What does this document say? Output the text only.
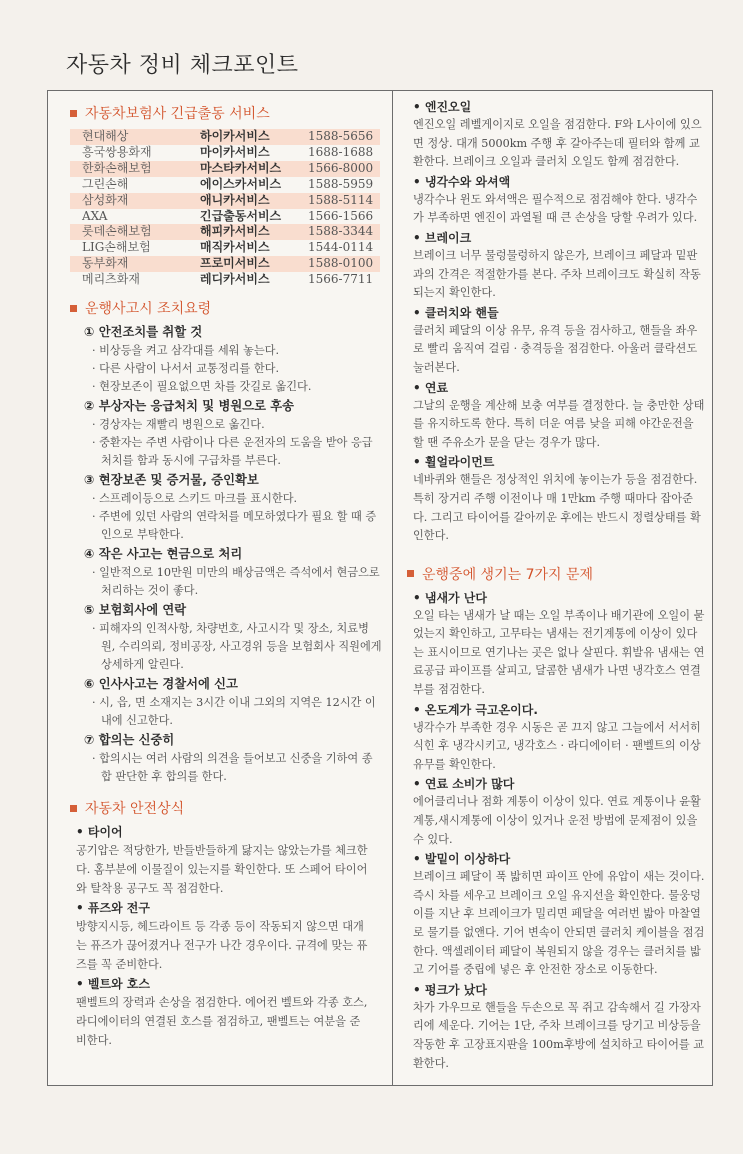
자동차 정비 체크포인트
자동차보험사 긴급출동 서비스
현대해상	하이카서비스	1588-5656
흥국쌍용화재	마이카서비스	1688-1688
한화손해보험	마스타카서비스	1566-8000
그린손해	에이스카서비스	1588-5959
삼성화재	애니카서비스	1588-5114
AXA	긴급출동서비스	1566-1566
롯데손해보험	해피카서비스	1588-3344
LIG손해보험	매직카서비스	1544-0114
동부화재	프로미서비스	1588-0100
메리츠화재	레디카서비스	1566-7711
운행사고시 조치요령
① 안전조치를 취할 것
· 비상등을 켜고 삼각대를 세워 놓는다.
· 다른 사람이 나서서 교통정리를 한다.
· 현장보존이 필요없으면 차를 갓길로 옮긴다.
② 부상자는 응급처치 및 병원으로 후송
· 경상자는 재빨리 병원으로 옮긴다.
· 중환자는 주변 사람이나 다른 운전자의 도움을 받아 응급
처치를 함과 동시에 구급차를 부른다.
③ 현장보존 및 증거물, 증인확보
· 스프레이등으로 스키드 마크를 표시한다.
· 주변에 있던 사람의 연락처를 메모하였다가 필요 할 때 증
인으로 부탁한다.
④ 작은 사고는 현금으로 처리
· 일반적으로 10만원 미만의 배상금액은 즉석에서 현금으로
처리하는 것이 좋다.
⑤ 보험회사에 연락
· 피해자의 인적사항, 차량번호, 사고시각 및 장소, 치료병
원, 수리의뢰, 정비공장, 사고경위 등을 보험회사 직원에게
상세하게 알린다.
⑥ 인사사고는 경찰서에 신고
· 시, 읍, 면 소재지는 3시간 이내 그외의 지역은 12시간 이
내에 신고한다.
⑦ 합의는 신중히
· 합의시는 여러 사람의 의견을 들어보고 신중을 기하여 종
합 판단한 후 합의를 한다.
자동차 안전상식
• 타이어
공기압은 적당한가, 반들반들하게 닳지는 않았는가를 체크한
다. 홈부분에 이물질이 있는지를 확인한다. 또 스페어 타이어
와 탈착용 공구도 꼭 점검한다.
• 퓨즈와 전구
방향지시등, 헤드라이트 등 각종 등이 작동되지 않으면 대개
는 퓨즈가 끊어졌거나 전구가 나간 경우이다. 규격에 맞는 퓨
즈를 꼭 준비한다.
• 벨트와 호스
팬벨트의 장력과 손상을 점검한다. 에어컨 벨트와 각종 호스,
라디에이터의 연결된 호스를 점검하고, 팬벨트는 여분을 준
비한다.
• 엔진오일
엔진오일 레벨게이지로 오일을 점검한다. F와 L사이에 있으
면 정상. 대개 5000km 주행 후 갈아주는데 필터와 함께 교
환한다. 브레이크 오일과 클러치 오일도 함께 점검한다.
• 냉각수와 와셔액
냉각수나 윈도 와셔액은 필수적으로 점검해야 한다. 냉각수
가 부족하면 엔진이 과열될 때 큰 손상을 당할 우려가 있다.
• 브레이크
브레이크 너무 물렁물렁하지 않은가, 브레이크 페달과 밑판
과의 간격은 적절한가를 본다. 주차 브레이크도 확실히 작동
되는지 확인한다.
• 클러치와 핸들
클러치 페달의 이상 유무, 유격 등을 검사하고, 핸들을 좌우
로 빨리 움직여 걸림 · 충격등을 점검한다. 아울러 클락션도
눌러본다.
• 연료
그날의 운행을 계산해 보충 여부를 결정한다. 늘 충만한 상태
를 유지하도록 한다. 특히 더운 여름 낮을 피해 야간운전을
할 땐 주유소가 문을 닫는 경우가 많다.
• 휠얼라이먼트
네바퀴와 핸들은 정상적인 위치에 놓이는가 등을 점검한다.
특히 장거리 주행 이전이나 매 1만km 주행 때마다 잡아준
다. 그리고 타이어를 갈아끼운 후에는 반드시 정렬상태를 확
인한다.
운행중에 생기는 7가지 문제
• 냄새가 난다
오일 타는 냄새가 날 때는 오일 부족이나 배기관에 오일이 묻
었는지 확인하고, 고무타는 냄새는 전기계통에 이상이 있다
는 표시이므로 연기나는 곳은 없나 살핀다. 휘발유 냄새는 연
료공급 파이프를 살피고, 달콤한 냄새가 나면 냉각호스 연결
부를 점검한다.
• 온도계가 극고온이다.
냉각수가 부족한 경우 시동은 곧 끄지 않고 그늘에서 서서히
식힌 후 냉각시키고, 냉각호스 · 라디에이터 · 팬벨트의 이상
유무를 확인한다.
• 연료 소비가 많다
에어클리너나 점화 계통이 이상이 있다. 연료 계통이나 윤활
계통,새시계통에 이상이 있거나 운전 방법에 문제점이 있을
수 있다.
• 발밑이 이상하다
브레이크 페달이 푹 밟히면 파이프 안에 유압이 새는 것이다.
즉시 차를 세우고 브레이크 오일 유지선을 확인한다. 물웅덩
이를 지난 후 브레이크가 밀리면 페달을 여러번 밟아 마찰열
로 물기를 없앤다. 기어 변속이 안되면 클러치 케이블을 점검
한다. 액셀레이터 페달이 복원되지 않을 경우는 클러치를 밟
고 기어를 중립에 넣은 후 안전한 장소로 이동한다.
• 펑크가 났다
차가 가우므로 핸들을 두손으로 꼭 쥐고 감속해서 길 가장자
리에 세운다. 기어는 1단, 주차 브레이크를 당기고 비상등을
작동한 후 고장표지판을 100m후방에 설치하고 타이어를 교
환한다.
